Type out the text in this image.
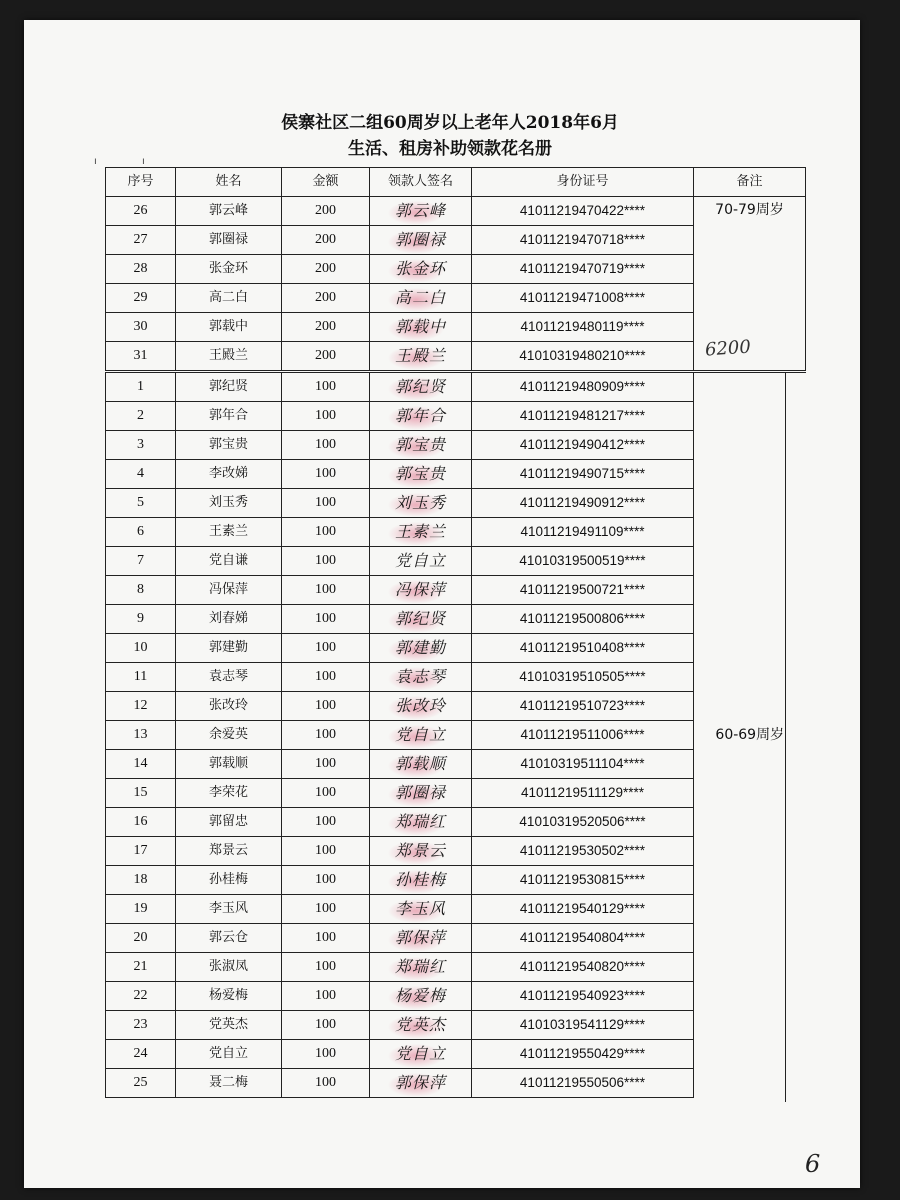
侯寨社区二组60周岁以上老年人2018年6月
生活、租房补助领款花名册
ı	ı
序号	姓名	金额	领款人签名	身份证号	备注
26	郭云峰	200	郭云峰	41011219470422****	70-79周岁

27	郭圈禄	200	郭圈禄	41011219470718****	
28	张金环	200	张金环	41011219470719****	
29	高二白	200	高二白	41011219471008****	
30	郭载中	200	郭载中	41011219480119****	
31	王殿兰	200	王殿兰	41010319480210****	
1	郭纪贤	100	郭纪贤	41011219480909****	60-69周岁
2	郭年合	100	郭年合	41011219481217****	
3	郭宝贵	100	郭宝贵	41011219490412****	
4	李改娣	100	郭宝贵	41011219490715****	
5	刘玉秀	100	刘玉秀	41011219490912****	
6	王素兰	100	王素兰	41011219491109****	
7	党自谦	100	党自立	41010319500519****	
8	冯保萍	100	冯保萍	41011219500721****	
9	刘春娣	100	郭纪贤	41011219500806****	
10	郭建勤	100	郭建勤	41011219510408****	
11	袁志琴	100	袁志琴	41010319510505****	
12	张改玲	100	张改玲	41011219510723****	
13	余爱英	100	党自立	41011219511006****	
14	郭载顺	100	郭载顺	41010319511104****	
15	李荣花	100	郭圈禄	41011219511129****	
16	郭留忠	100	郑瑞红	41010319520506****	
17	郑景云	100	郑景云	41011219530502****	
18	孙桂梅	100	孙桂梅	41011219530815****	
19	李玉风	100	李玉风	41011219540129****	
20	郭云仓	100	郭保萍	41011219540804****	
21	张淑凤	100	郑瑞红	41011219540820****	
22	杨爱梅	100	杨爱梅	41011219540923****	
23	党英杰	100	党英杰	41010319541129****	
24	党自立	100	党自立	41011219550429****	
25	聂二梅	100	郭保萍	41011219550506****	
6200
6
